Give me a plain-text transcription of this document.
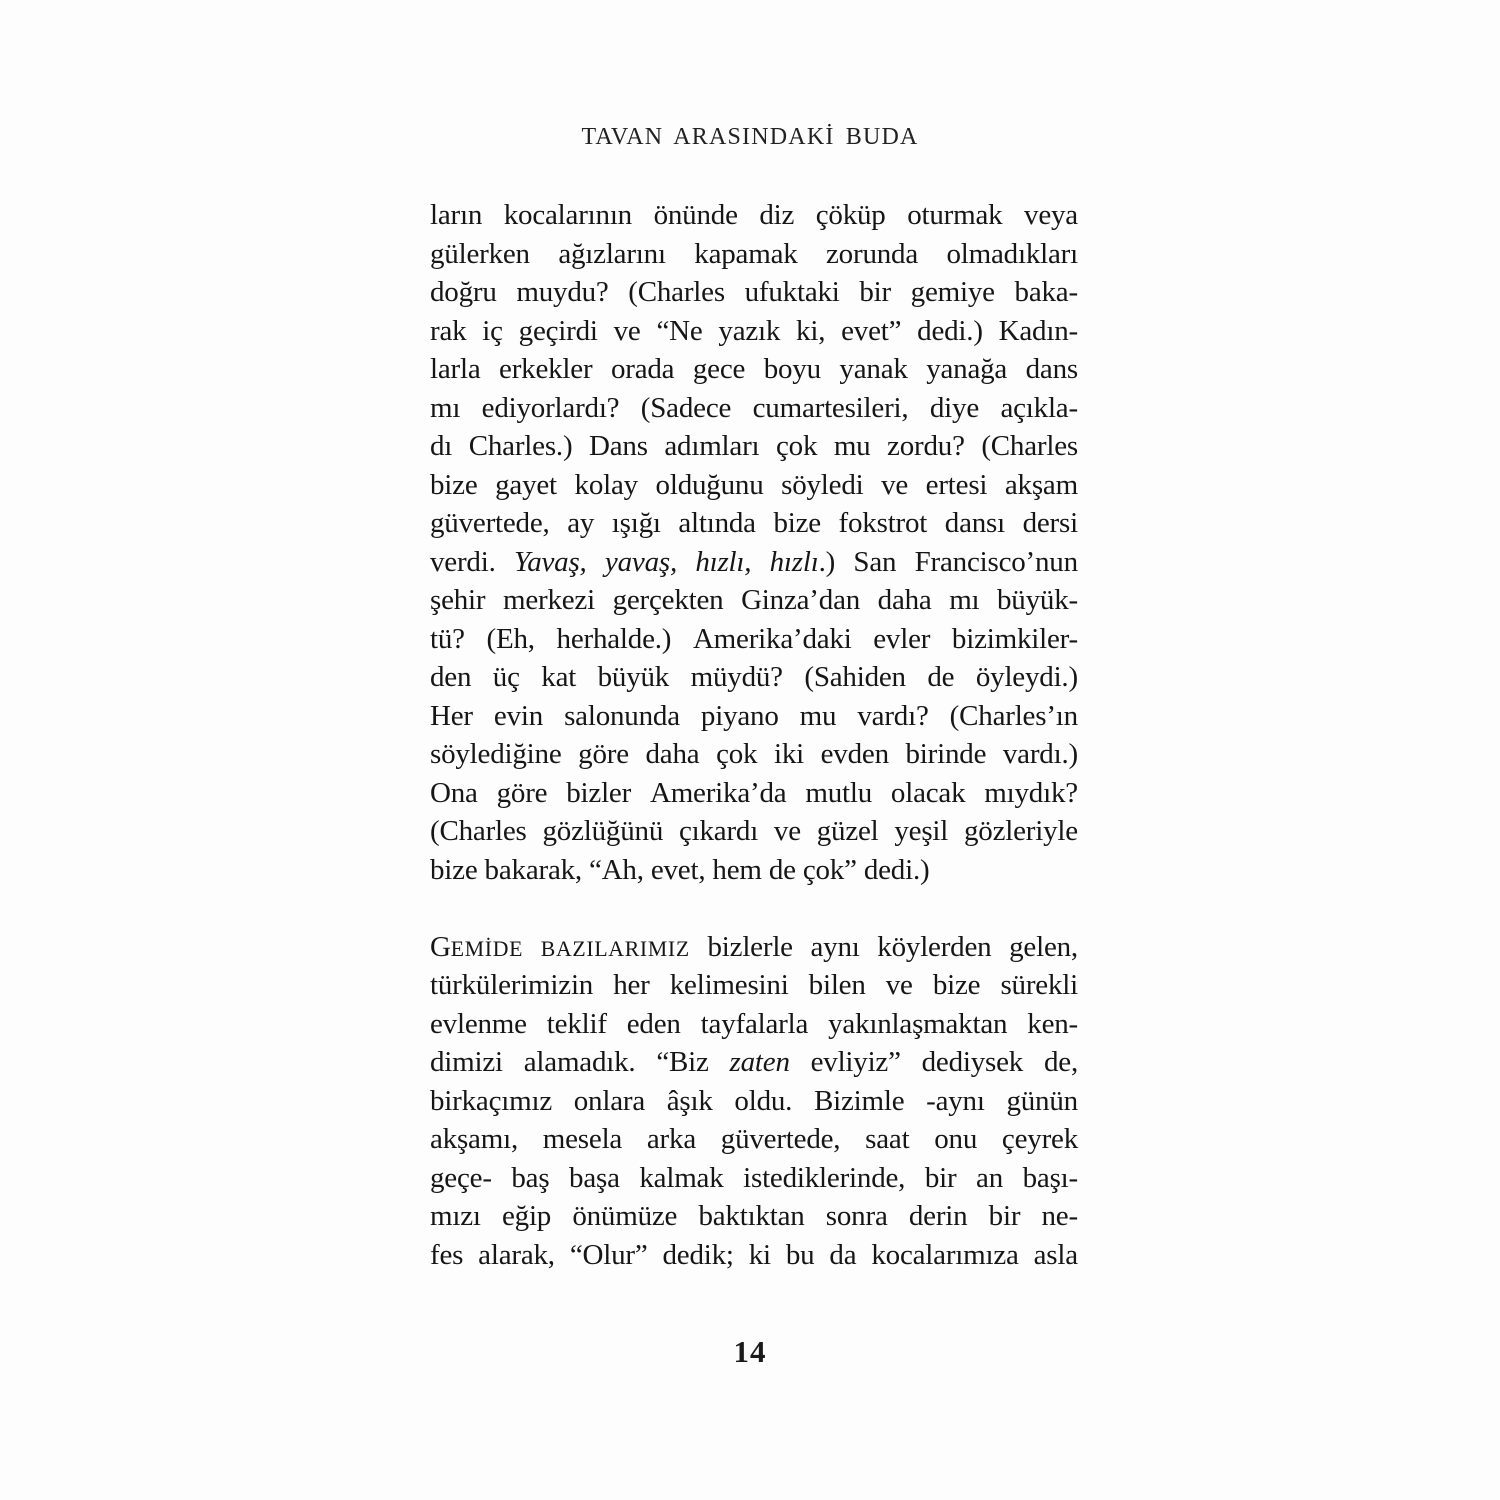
TAVAN ARASINDAKİ BUDA
ların kocalarının önünde diz çöküp oturmak veya
gülerken ağızlarını kapamak zorunda olmadıkları
doğru muydu? (Charles ufuktaki bir gemiye baka-
rak iç geçirdi ve “Ne yazık ki, evet” dedi.) Kadın-
larla erkekler orada gece boyu yanak yanağa dans
mı ediyorlardı? (Sadece cumartesileri, diye açıkla-
dı Charles.) Dans adımları çok mu zordu? (Charles
bize gayet kolay olduğunu söyledi ve ertesi akşam
güvertede, ay ışığı altında bize fokstrot dansı dersi
verdi. Yavaş, yavaş, hızlı, hızlı.) San Francisco’nun
şehir merkezi gerçekten Ginza’dan daha mı büyük-
tü? (Eh, herhalde.) Amerika’daki evler bizimkiler-
den üç kat büyük müydü? (Sahiden de öyleydi.)
Her evin salonunda piyano mu vardı? (Charles’ın
söylediğine göre daha çok iki evden birinde vardı.)
Ona göre bizler Amerika’da mutlu olacak mıydık?
(Charles gözlüğünü çıkardı ve güzel yeşil gözleriyle
bize bakarak, “Ah, evet, hem de çok” dedi.)
GEMİDE BAZILARIMIZ bizlerle aynı köylerden gelen,
türkülerimizin her kelimesini bilen ve bize sürekli
evlenme teklif eden tayfalarla yakınlaşmaktan ken-
dimizi alamadık. “Biz zaten evliyiz” dediysek de,
birkaçımız onlara âşık oldu. Bizimle -aynı günün
akşamı, mesela arka güvertede, saat onu çeyrek
geçe- baş başa kalmak istediklerinde, bir an başı-
mızı eğip önümüze baktıktan sonra derin bir ne-
fes alarak, “Olur” dedik; ki bu da kocalarımıza asla
14
